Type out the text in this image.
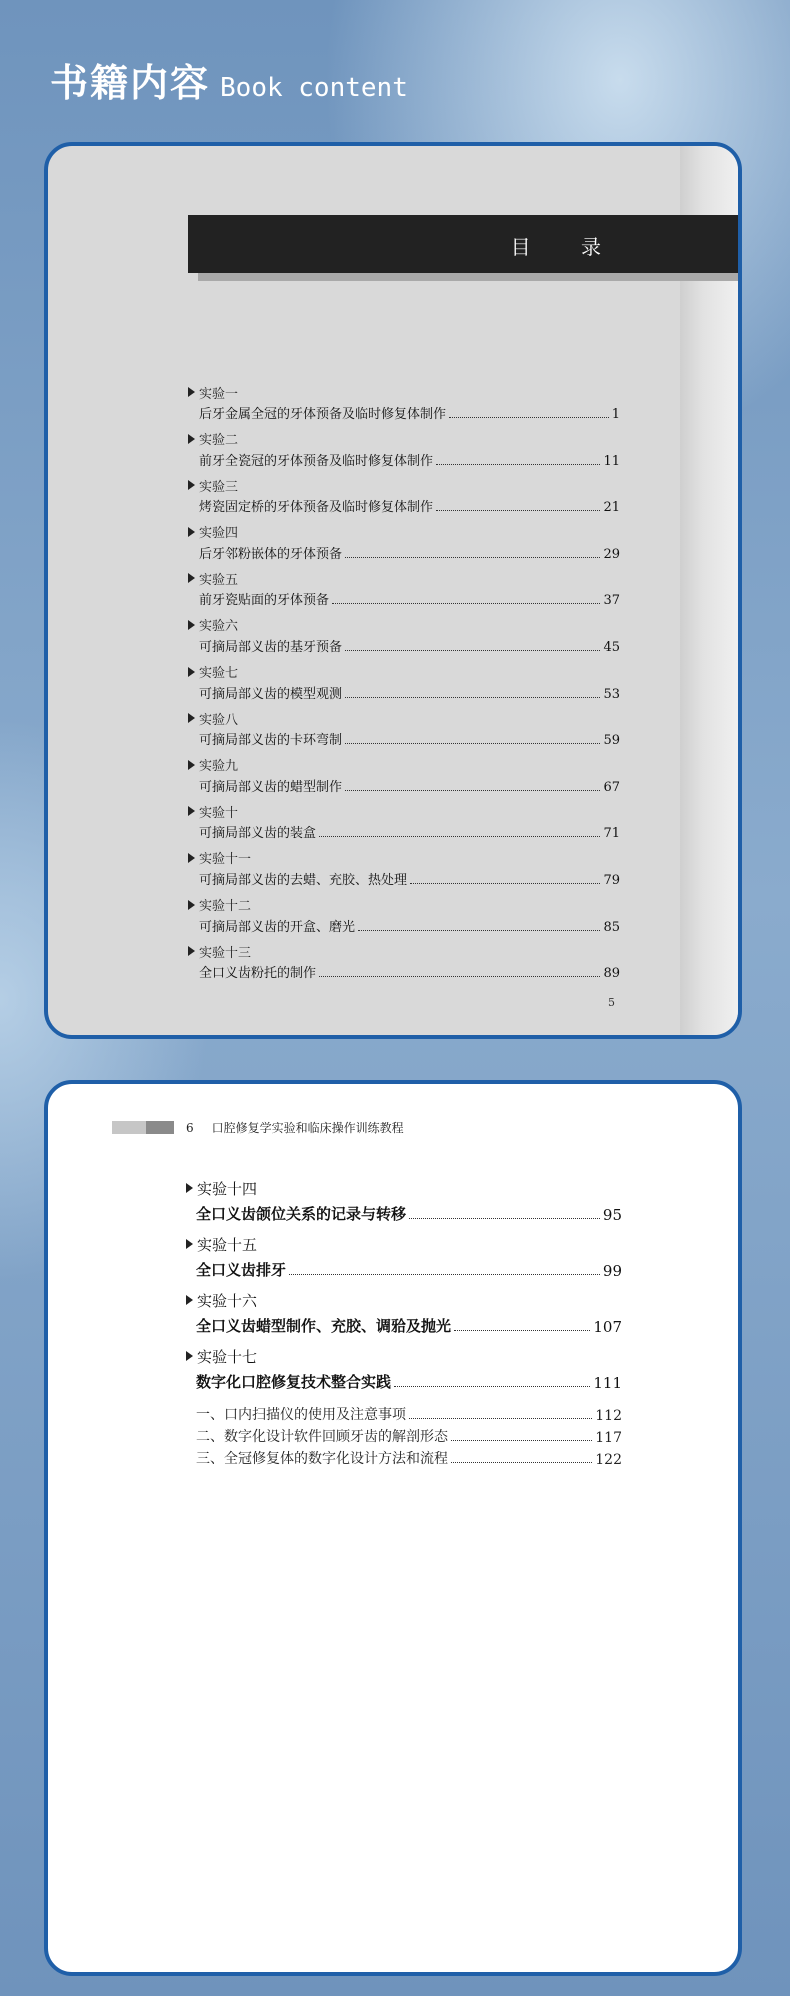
书籍内容 Book content
目 录
实验一
后牙金属全冠的牙体预备及临时修复体制作	1
实验二
前牙全瓷冠的牙体预备及临时修复体制作	11
实验三
烤瓷固定桥的牙体预备及临时修复体制作	21
实验四
后牙邻粉嵌体的牙体预备	29
实验五
前牙瓷贴面的牙体预备	37
实验六
可摘局部义齿的基牙预备	45
实验七
可摘局部义齿的模型观测	53
实验八
可摘局部义齿的卡环弯制	59
实验九
可摘局部义齿的蜡型制作	67
实验十
可摘局部义齿的装盒	71
实验十一
可摘局部义齿的去蜡、充胶、热处理	79
实验十二
可摘局部义齿的开盒、磨光	85
实验十三
全口义齿粉托的制作	89
5
6 口腔修复学实验和临床操作训练教程
实验十四
全口义齿颌位关系的记录与转移	95
实验十五
全口义齿排牙	99
实验十六
全口义齿蜡型制作、充胶、调𬌗及抛光	107
实验十七
数字化口腔修复技术整合实践	111
一、口内扫描仪的使用及注意事项	112
二、数字化设计软件回顾牙齿的解剖形态	117
三、全冠修复体的数字化设计方法和流程	122
